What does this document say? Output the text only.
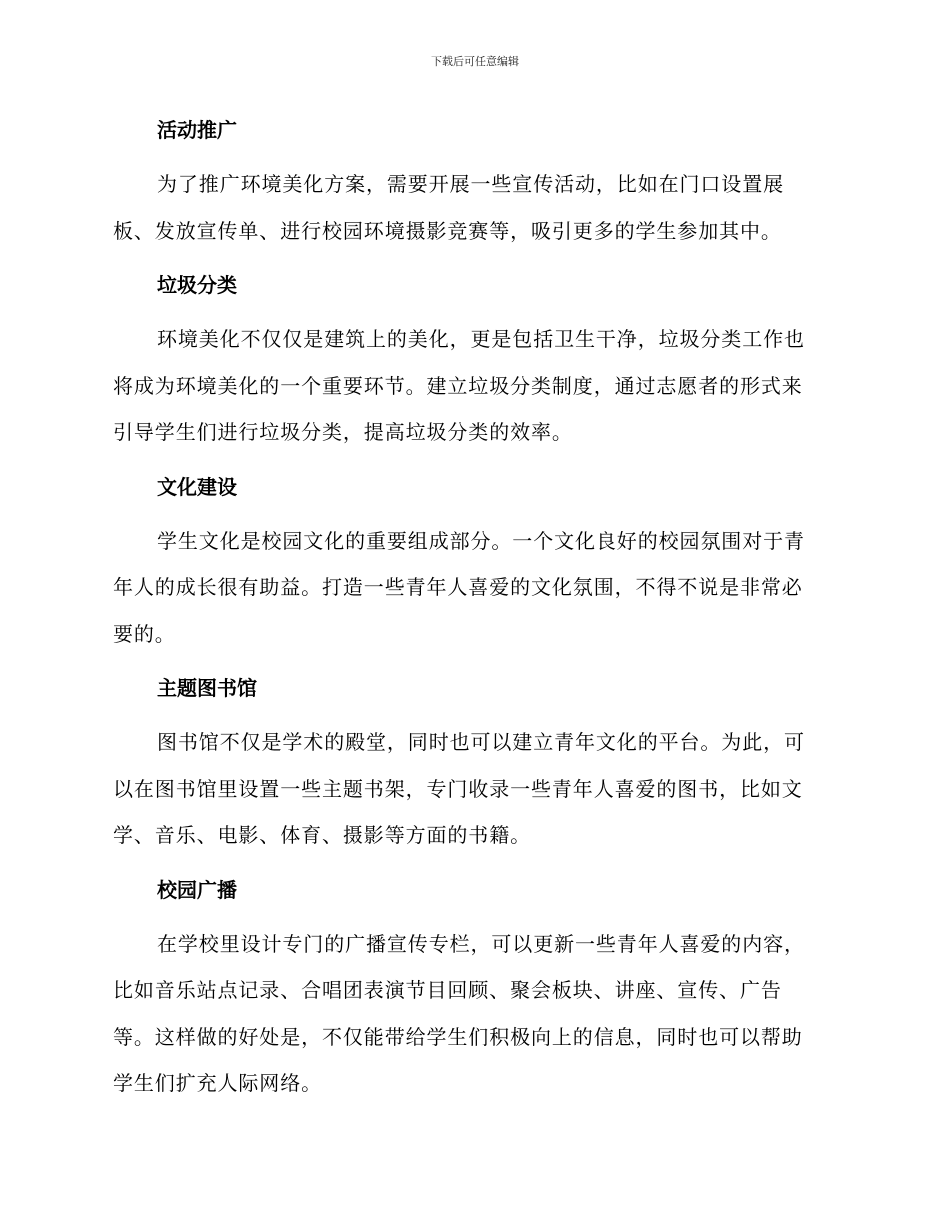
下载后可任意编辑
活动推广

为了推广环境美化方案，需要开展一些宣传活动，比如在门口设置展
板、发放宣传单、进行校园环境摄影竞赛等，吸引更多的学生参加其中。

垃圾分类

环境美化不仅仅是建筑上的美化，更是包括卫生干净，垃圾分类工作也
将成为环境美化的一个重要环节。建立垃圾分类制度，通过志愿者的形式来
引导学生们进行垃圾分类，提高垃圾分类的效率。

文化建设

学生文化是校园文化的重要组成部分。一个文化良好的校园氛围对于青
年人的成长很有助益。打造一些青年人喜爱的文化氛围，不得不说是非常必
要的。

主题图书馆

图书馆不仅是学术的殿堂，同时也可以建立青年文化的平台。为此，可
以在图书馆里设置一些主题书架，专门收录一些青年人喜爱的图书，比如文
学、音乐、电影、体育、摄影等方面的书籍。

校园广播

在学校里设计专门的广播宣传专栏，可以更新一些青年人喜爱的内容，
比如音乐站点记录、合唱团表演节目回顾、聚会板块、讲座、宣传、广告
等。这样做的好处是，不仅能带给学生们积极向上的信息，同时也可以帮助
学生们扩充人际网络。
